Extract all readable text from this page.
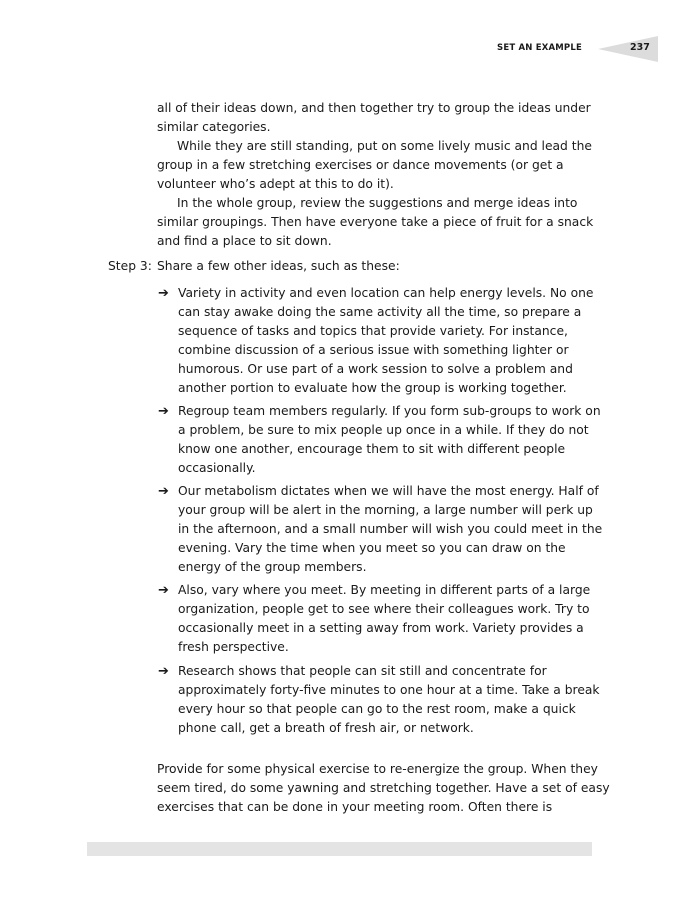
SET AN EXAMPLE	237
all of their ideas down, and then together try to group the ideas under
similar categories.
While they are still standing, put on some lively music and lead the
group in a few stretching exercises or dance movements (or get a
volunteer who’s adept at this to do it).
In the whole group, review the suggestions and merge ideas into
similar groupings. Then have everyone take a piece of fruit for a snack
and find a place to sit down.
Step 3: Share a few other ideas, such as these:
➔ Variety in activity and even location can help energy levels. No one
can stay awake doing the same activity all the time, so prepare a
sequence of tasks and topics that provide variety. For instance,
combine discussion of a serious issue with something lighter or
humorous. Or use part of a work session to solve a problem and
another portion to evaluate how the group is working together.
➔ Regroup team members regularly. If you form sub-groups to work on
a problem, be sure to mix people up once in a while. If they do not
know one another, encourage them to sit with different people
occasionally.
➔ Our metabolism dictates when we will have the most energy. Half of
your group will be alert in the morning, a large number will perk up
in the afternoon, and a small number will wish you could meet in the
evening. Vary the time when you meet so you can draw on the
energy of the group members.
➔ Also, vary where you meet. By meeting in different parts of a large
organization, people get to see where their colleagues work. Try to
occasionally meet in a setting away from work. Variety provides a
fresh perspective.
➔ Research shows that people can sit still and concentrate for
approximately forty-five minutes to one hour at a time. Take a break
every hour so that people can go to the rest room, make a quick
phone call, get a breath of fresh air, or network.
Provide for some physical exercise to re-energize the group. When they
seem tired, do some yawning and stretching together. Have a set of easy
exercises that can be done in your meeting room. Often there is
